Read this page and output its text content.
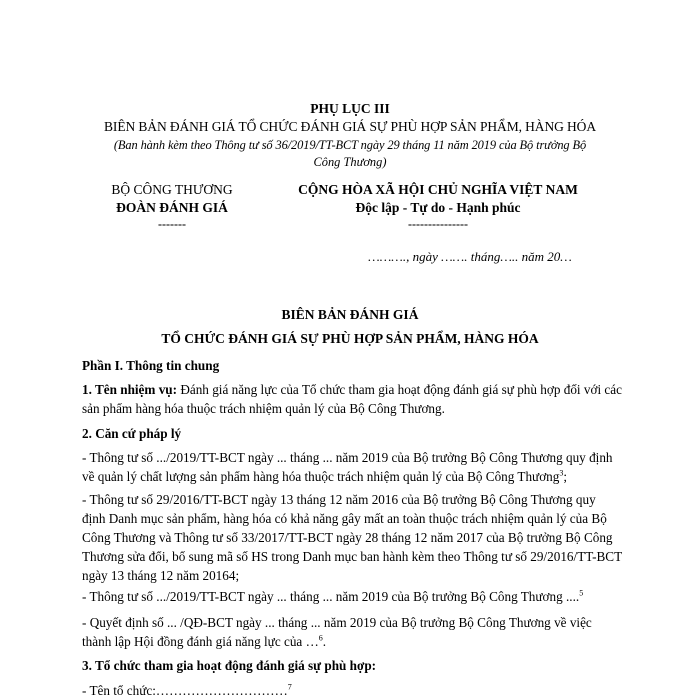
PHỤ LỤC III
BIÊN BẢN ĐÁNH GIÁ TỔ CHỨC ĐÁNH GIÁ SỰ PHÙ HỢP SẢN PHẨM, HÀNG HÓA
(Ban hành kèm theo Thông tư số 36/2019/TT-BCT ngày 29 tháng 11 năm 2019 của Bộ trưởng Bộ
Công Thương)
BỘ CÔNG THƯƠNG
ĐOÀN ĐÁNH GIÁ
-------
CỘNG HÒA XÃ HỘI CHỦ NGHĨA VIỆT NAM
Độc lập - Tự do - Hạnh phúc
---------------
………., ngày ……. tháng….. năm 20…
BIÊN BẢN ĐÁNH GIÁ
TỔ CHỨC ĐÁNH GIÁ SỰ PHÙ HỢP SẢN PHẨM, HÀNG HÓA
Phần I. Thông tin chung
1. Tên nhiệm vụ: Đánh giá năng lực của Tổ chức tham gia hoạt động đánh giá sự phù hợp đối với các sản phẩm hàng hóa thuộc trách nhiệm quản lý của Bộ Công Thương.
2. Căn cứ pháp lý
- Thông tư số .../2019/TT-BCT ngày ... tháng ... năm 2019 của Bộ trưởng Bộ Công Thương quy định về quản lý chất lượng sản phẩm hàng hóa thuộc trách nhiệm quản lý của Bộ Công Thương$^3$;
- Thông tư số 29/2016/TT-BCT ngày 13 tháng 12 năm 2016 của Bộ trưởng Bộ Công Thương quy định Danh mục sản phẩm, hàng hóa có khả năng gây mất an toàn thuộc trách nhiệm quản lý của Bộ Công Thương và Thông tư số 33/2017/TT-BCT ngày 28 tháng 12 năm 2017 của Bộ trưởng Bộ Công Thương sửa đổi, bổ sung mã số HS trong Danh mục ban hành kèm theo Thông tư số 29/2016/TT-BCT ngày 13 tháng 12 năm 20164;
- Thông tư số .../2019/TT-BCT ngày ... tháng ... năm 2019 của Bộ trưởng Bộ Công Thương ....$^5$
- Quyết định số ... /QĐ-BCT ngày ... tháng ... năm 2019 của Bộ trưởng Bộ Công Thương về việc thành lập Hội đồng đánh giá năng lực của …$^6$.
3. Tổ chức tham gia hoạt động đánh giá sự phù hợp:
- Tên tổ chức:…………………………$^7$
